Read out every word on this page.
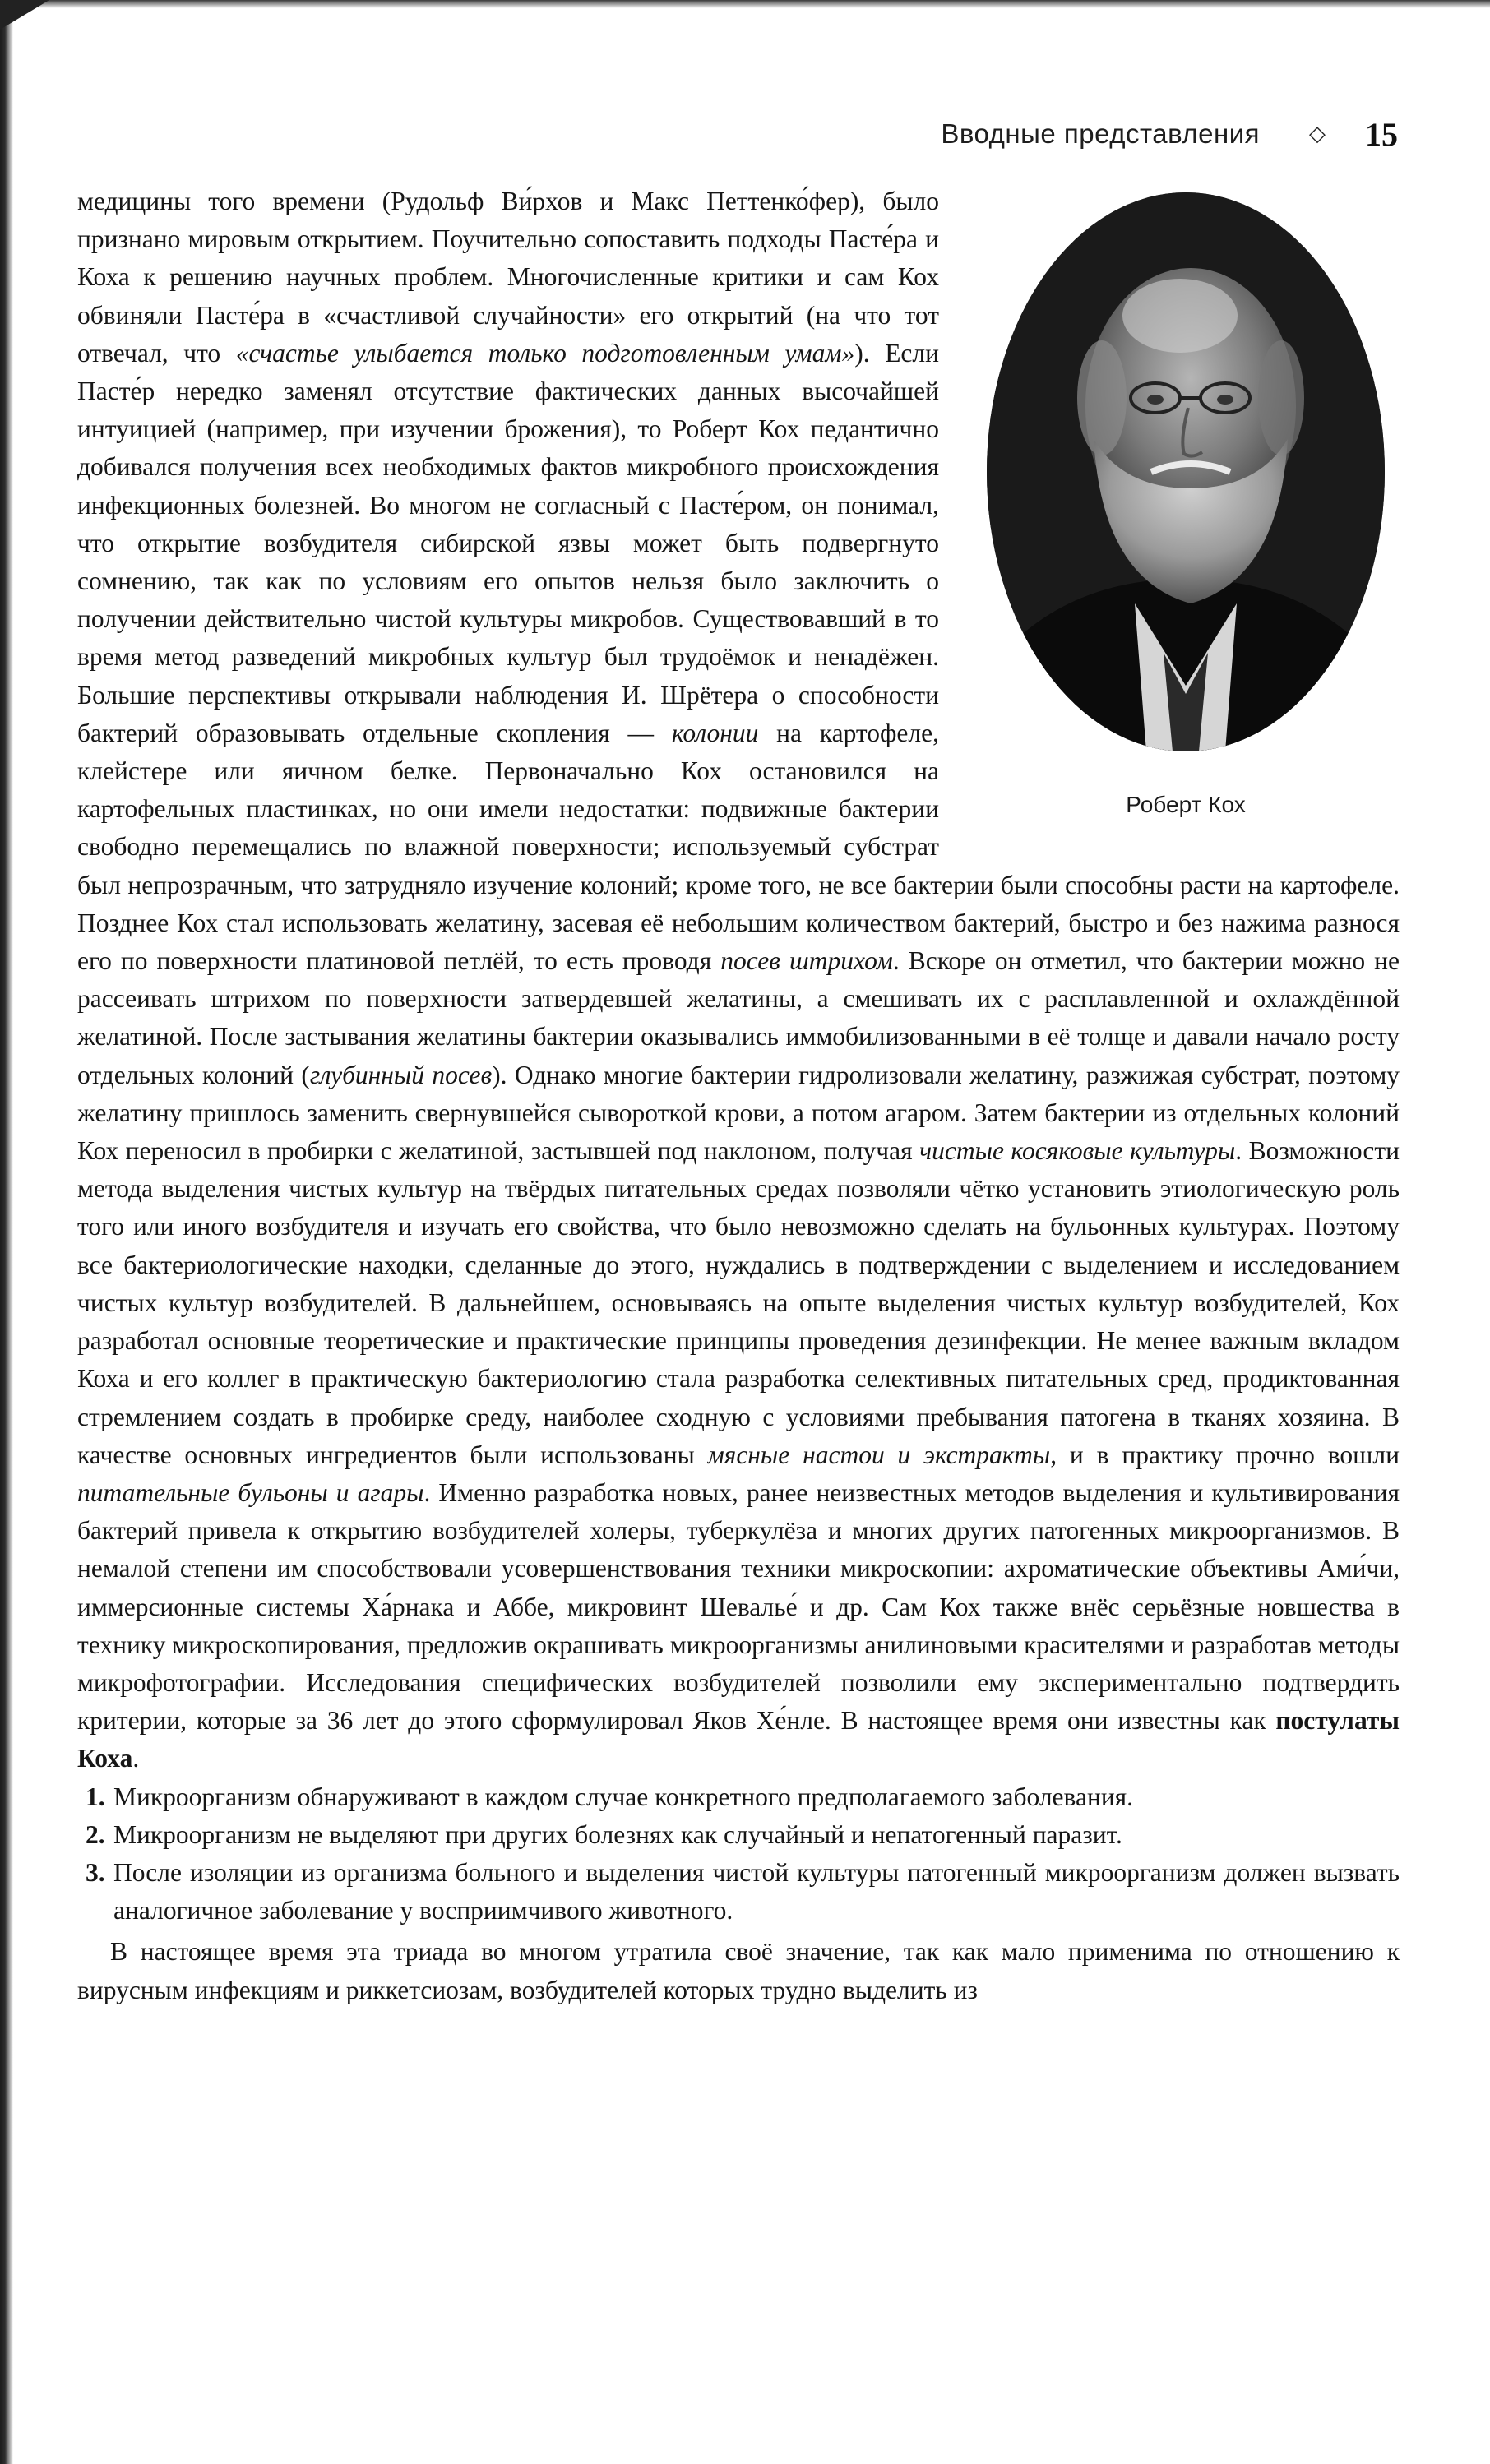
Вводные представления ◇ 15
Роберт Кох

медицины того времени (Рудольф Ви́рхов и Макс Петтенко́фер), было признано мировым открытием. Поучительно сопоставить подходы Пасте́ра и Коха к решению научных проблем. Многочисленные критики и сам Кох обвиняли Пасте́ра в «счастливой случайности» его открытий (на что тот отвечал, что «счастье улыбается только подготовленным умам»). Если Пасте́р нередко заменял отсутствие фактических данных высочайшей интуицией (например, при изучении брожения), то Роберт Кох педантично добивался получения всех необходимых фактов микробного происхождения инфекционных болезней. Во многом не согласный с Пасте́ром, он понимал, что открытие возбудителя сибирской язвы может быть подвергнуто сомнению, так как по условиям его опытов нельзя было заключить о получении действительно чистой культуры микробов. Существовавший в то время метод разведений микробных культур был трудоёмок и ненадёжен. Большие перспективы открывали наблюдения И. Шрётера о способности бактерий образовывать отдельные скопления — колонии на картофеле, клейстере или яичном белке. Первоначально Кох остановился на картофельных пластинках, но они имели недостатки: подвижные бактерии свободно перемещались по влажной поверхности; используемый субстрат был непрозрачным, что затрудняло изучение колоний; кроме того, не все бактерии были способны расти на картофеле. Позднее Кох стал использовать желатину, засевая её небольшим количеством бактерий, быстро и без нажима разнося его по поверхности платиновой петлёй, то есть проводя посев штрихом. Вскоре он отметил, что бактерии можно не рассеивать штрихом по поверхности затвердевшей желатины, а смешивать их с расплавленной и охлаждённой желатиной. После застывания желатины бактерии оказывались иммобилизованными в её толще и давали начало росту отдельных колоний (глубинный посев). Однако многие бактерии гидролизовали желатину, разжижая субстрат, поэтому желатину пришлось заменить свернувшейся сывороткой крови, а потом агаром. Затем бактерии из отдельных колоний Кох переносил в пробирки с желатиной, застывшей под наклоном, получая чистые косяковые культуры. Возможности метода выделения чистых культур на твёрдых питательных средах позволяли чётко установить этиологическую роль того или иного возбудителя и изучать его свойства, что было невозможно сделать на бульонных культурах. Поэтому все бактериологические находки, сделанные до этого, нуждались в подтверждении с выделением и исследованием чистых культур возбудителей. В дальнейшем, основываясь на опыте выделения чистых культур возбудителей, Кох разработал основные теоретические и практические принципы проведения дезинфекции. Не менее важным вкладом Коха и его коллег в практическую бактериологию стала разработка селективных питательных сред, продиктованная стремлением создать в пробирке среду, наиболее сходную с условиями пребывания патогена в тканях хозяина. В качестве основных ингредиентов были использованы мясные настои и экстракты, и в практику прочно вошли питательные бульоны и агары. Именно разработка новых, ранее неизвестных методов выделения и культивирования бактерий привела к открытию возбудителей холеры, туберкулёза и многих других патогенных микроорганизмов. В немалой степени им способствовали усовершенствования техники микроскопии: ахроматические объективы Ами́чи, иммерсионные системы Ха́рнака и Аббе, микровинт Шевалье́ и др. Сам Кох также внёс серьёзные новшества в технику микроскопирования, предложив окрашивать микроорганизмы анилиновыми красителями и разработав методы микрофотографии. Исследования специфических возбудителей позволили ему экспериментально подтвердить критерии, которые за 36 лет до этого сформулировал Яков Хе́нле. В настоящее время они известны как постулаты Коха.

1. Микроорганизм обнаруживают в каждом случае конкретного предполагаемого заболевания.
2. Микроорганизм не выделяют при других болезнях как случайный и непатогенный паразит.
3. После изоляции из организма больного и выделения чистой культуры патогенный микроорганизм должен вызвать аналогичное заболевание у восприимчивого животного.

В настоящее время эта триада во многом утратила своё значение, так как мало применима по отношению к вирусным инфекциям и риккетсиозам, возбудителей которых трудно выделить из
